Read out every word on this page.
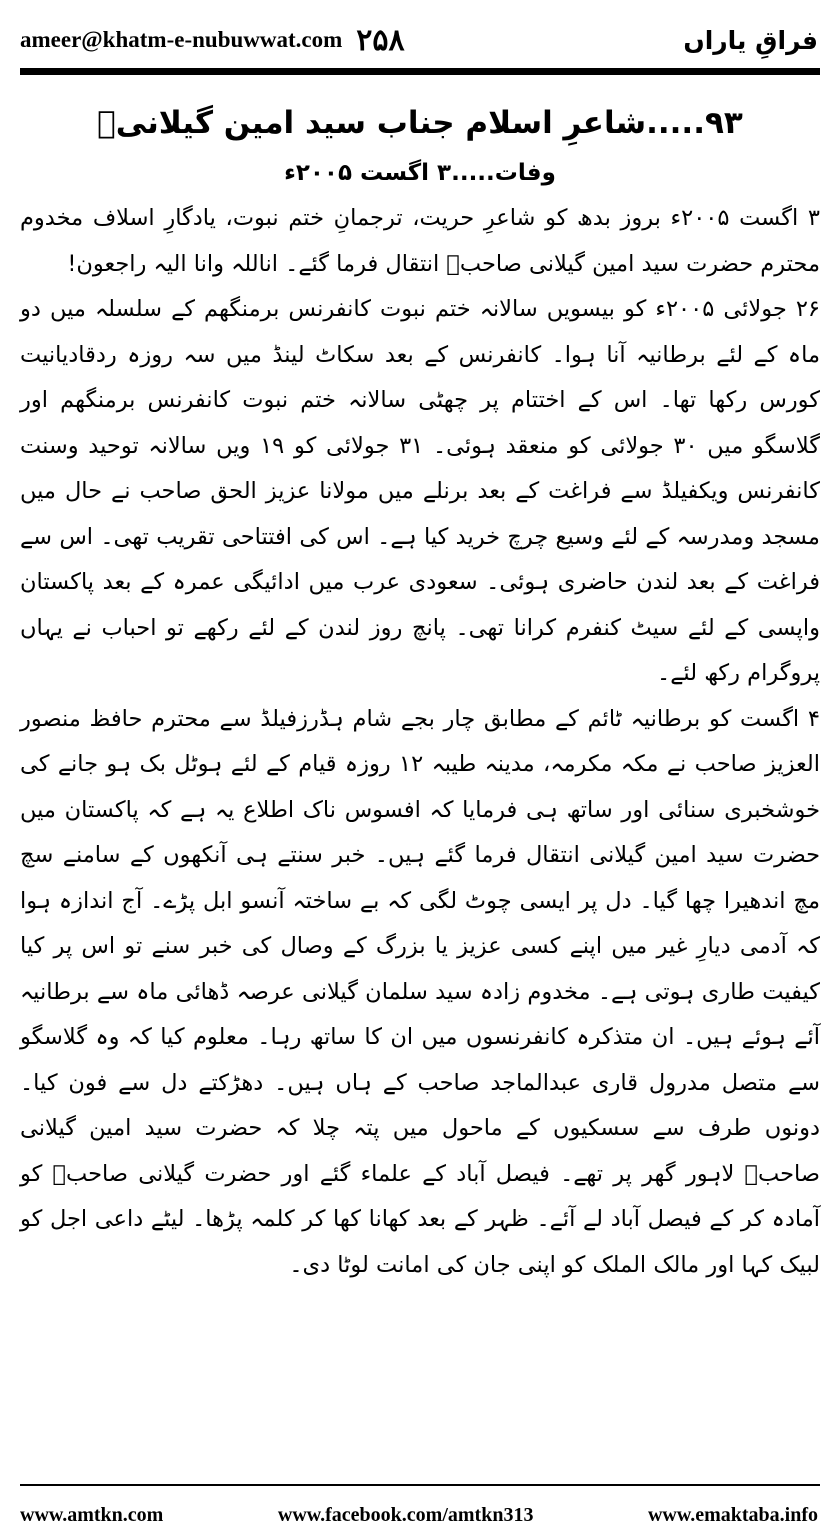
ameer@khatm-e-nubuwwat.com ۲۵۸	فراقِ یاراں
۹۳.....شاعرِ اسلام جناب سید امین گیلانیؒ
وفات.....۳ اگست ۲۰۰۵ء

۳ اگست ۲۰۰۵ء بروز بدھ کو شاعرِ حریت، ترجمانِ ختم نبوت، یادگارِ اسلاف مخدوم محترم حضرت سید امین گیلانی صاحبؒ انتقال فرما گئے۔ اناللہ وانا الیہ راجعون!

۲۶ جولائی ۲۰۰۵ء کو بیسویں سالانہ ختم نبوت کانفرنس برمنگھم کے سلسلہ میں دو ماہ کے لئے برطانیہ آنا ہوا۔ کانفرنس کے بعد سکاٹ لینڈ میں سہ روزہ ردقادیانیت کورس رکھا تھا۔ اس کے اختتام پر چھٹی سالانہ ختم نبوت کانفرنس برمنگھم اور گلاسگو میں ۳۰ جولائی کو منعقد ہوئی۔ ۳۱ جولائی کو ۱۹ ویں سالانہ توحید وسنت کانفرنس ویکفیلڈ سے فراغت کے بعد برنلے میں مولانا عزیز الحق صاحب نے حال میں مسجد ومدرسہ کے لئے وسیع چرچ خرید کیا ہے۔ اس کی افتتاحی تقریب تھی۔ اس سے فراغت کے بعد لندن حاضری ہوئی۔ سعودی عرب میں ادائیگی عمرہ کے بعد پاکستان واپسی کے لئے سیٹ کنفرم کرانا تھی۔ پانچ روز لندن کے لئے رکھے تو احباب نے یہاں پروگرام رکھ لئے۔

۴ اگست کو برطانیہ ٹائم کے مطابق چار بجے شام ہڈرزفیلڈ سے محترم حافظ منصور العزیز صاحب نے مکہ مکرمہ، مدینہ طیبہ ۱۲ روزہ قیام کے لئے ہوٹل بک ہو جانے کی خوشخبری سنائی اور ساتھ ہی فرمایا کہ افسوس ناک اطلاع یہ ہے کہ پاکستان میں حضرت سید امین گیلانی انتقال فرما گئے ہیں۔ خبر سنتے ہی آنکھوں کے سامنے سچ مچ اندھیرا چھا گیا۔ دل پر ایسی چوٹ لگی کہ بے ساختہ آنسو ابل پڑے۔ آج اندازہ ہوا کہ آدمی دیارِ غیر میں اپنے کسی عزیز یا بزرگ کے وصال کی خبر سنے تو اس پر کیا کیفیت طاری ہوتی ہے۔ مخدوم زادہ سید سلمان گیلانی عرصہ ڈھائی ماہ سے برطانیہ آئے ہوئے ہیں۔ ان متذکرہ کانفرنسوں میں ان کا ساتھ رہا۔ معلوم کیا کہ وہ گلاسگو سے متصل مدرول قاری عبدالماجد صاحب کے ہاں ہیں۔ دھڑکتے دل سے فون کیا۔ دونوں طرف سے سسکیوں کے ماحول میں پتہ چلا کہ حضرت سید امین گیلانی صاحبؒ لاہور گھر پر تھے۔ فیصل آباد کے علماء گئے اور حضرت گیلانی صاحبؒ کو آمادہ کر کے فیصل آباد لے آئے۔ ظہر کے بعد کھانا کھا کر کلمہ پڑھا۔ لیٹے داعی اجل کو لبیک کہا اور مالک الملک کو اپنی جان کی امانت لوٹا دی۔

www.amtkn.com	www.facebook.com/amtkn313	www.emaktaba.info
